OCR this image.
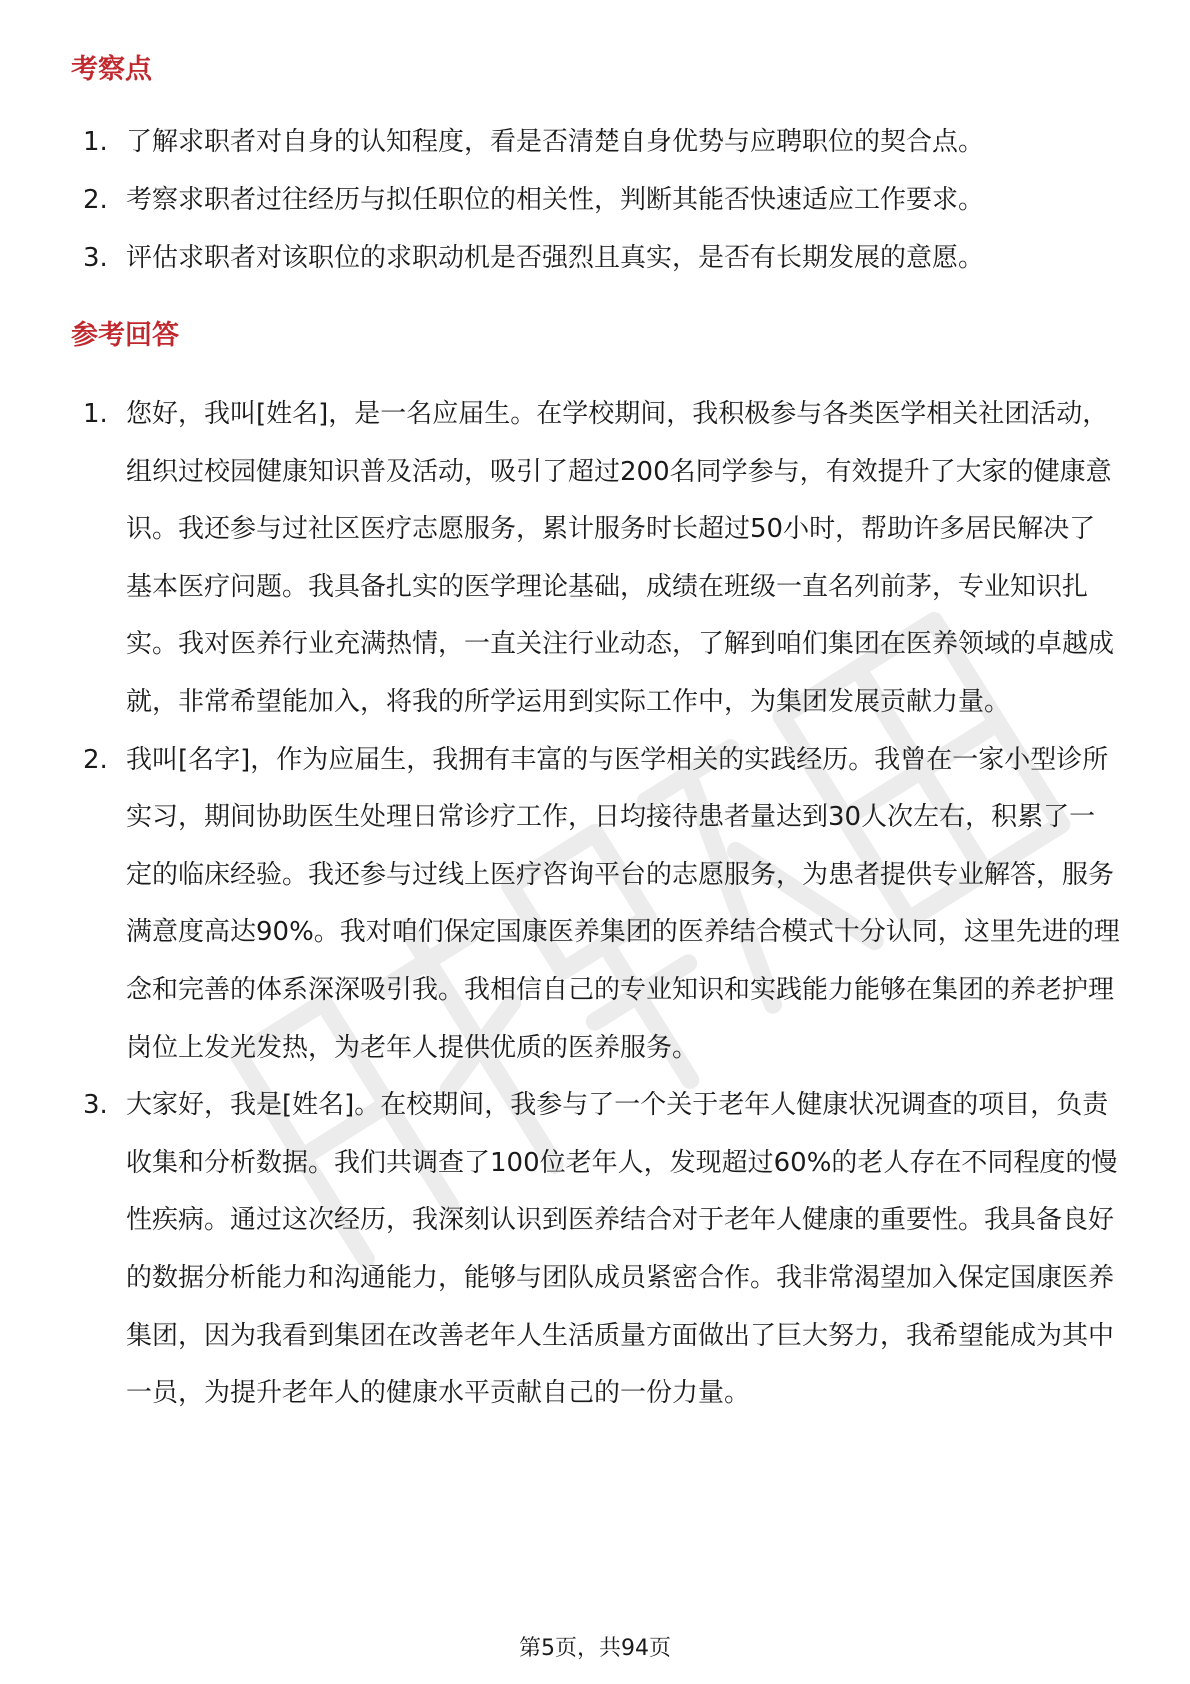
考察点
1. 了解求职者对自身的认知程度，看是否清楚自身优势与应聘职位的契合点。
2. 考察求职者过往经历与拟任职位的相关性，判断其能否快速适应工作要求。
3. 评估求职者对该职位的求职动机是否强烈且真实，是否有长期发展的意愿。
参考回答
1. 您好，我叫[姓名]，是一名应届生。在学校期间，我积极参与各类医学相关社团活动，组织过校园健康知识普及活动，吸引了超过200名同学参与，有效提升了大家的健康意识。我还参与过社区医疗志愿服务，累计服务时长超过50小时，帮助许多居民解决了基本医疗问题。我具备扎实的医学理论基础，成绩在班级一直名列前茅，专业知识扎实。我对医养行业充满热情，一直关注行业动态，了解到咱们集团在医养领域的卓越成就，非常希望能加入，将我的所学运用到实际工作中，为集团发展贡献力量。
2. 我叫[名字]，作为应届生，我拥有丰富的与医学相关的实践经历。我曾在一家小型诊所实习，期间协助医生处理日常诊疗工作，日均接待患者量达到30人次左右，积累了一定的临床经验。我还参与过线上医疗咨询平台的志愿服务，为患者提供专业解答，服务满意度高达90%。我对咱们保定国康医养集团的医养结合模式十分认同，这里先进的理念和完善的体系深深吸引我。我相信自己的专业知识和实践能力能够在集团的养老护理岗位上发光发热，为老年人提供优质的医养服务。
3. 大家好，我是[姓名]。在校期间，我参与了一个关于老年人健康状况调查的项目，负责收集和分析数据。我们共调查了100位老年人，发现超过60%的老人存在不同程度的慢性疾病。通过这次经历，我深刻认识到医养结合对于老年人健康的重要性。我具备良好的数据分析能力和沟通能力，能够与团队成员紧密合作。我非常渴望加入保定国康医养集团，因为我看到集团在改善老年人生活质量方面做出了巨大努力，我希望能成为其中一员，为提升老年人的健康水平贡献自己的一份力量。
第5页，共94页
